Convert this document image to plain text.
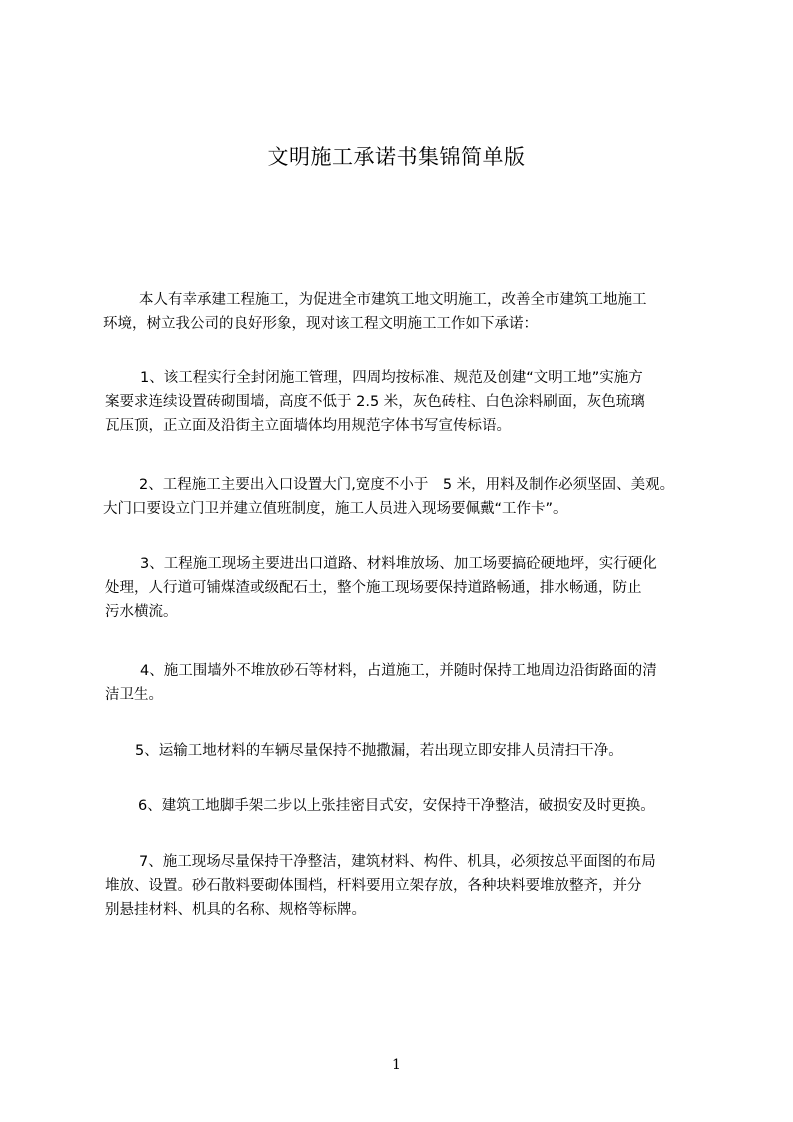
文明施工承诺书集锦简单版
本人有幸承建工程施工，为促进全市建筑工地文明施工，改善全市建筑工地施工
环境，树立我公司的良好形象，现对该工程文明施工工作如下承诺：
1、该工程实行全封闭施工管理，四周均按标准、规范及创建“文明工地”实施方
案要求连续设置砖砌围墙，高度不低于 2.5 米，灰色砖柱、白色涂料刷面，灰色琉璃
瓦压顶，正立面及沿街主立面墙体均用规范字体书写宣传标语。
2、工程施工主要出入口设置大门,宽度不小于　5 米，用料及制作必须坚固、美观。
大门口要设立门卫并建立值班制度，施工人员进入现场要佩戴“工作卡”。
3、工程施工现场主要进出口道路、材料堆放场、加工场要搞砼硬地坪，实行硬化
处理，人行道可铺煤渣或级配石土，整个施工现场要保持道路畅通，排水畅通，防止
污水横流。
4、施工围墙外不堆放砂石等材料，占道施工，并随时保持工地周边沿街路面的清
洁卫生。
5、运输工地材料的车辆尽量保持不抛撒漏，若出现立即安排人员清扫干净。
6、建筑工地脚手架二步以上张挂密目式安，安保持干净整洁，破损安及时更换。
7、施工现场尽量保持干净整洁，建筑材料、构件、机具，必须按总平面图的布局
堆放、设置。砂石散料要砌体围档，杆料要用立架存放，各种块料要堆放整齐，并分
别悬挂材料、机具的名称、规格等标牌。
1
